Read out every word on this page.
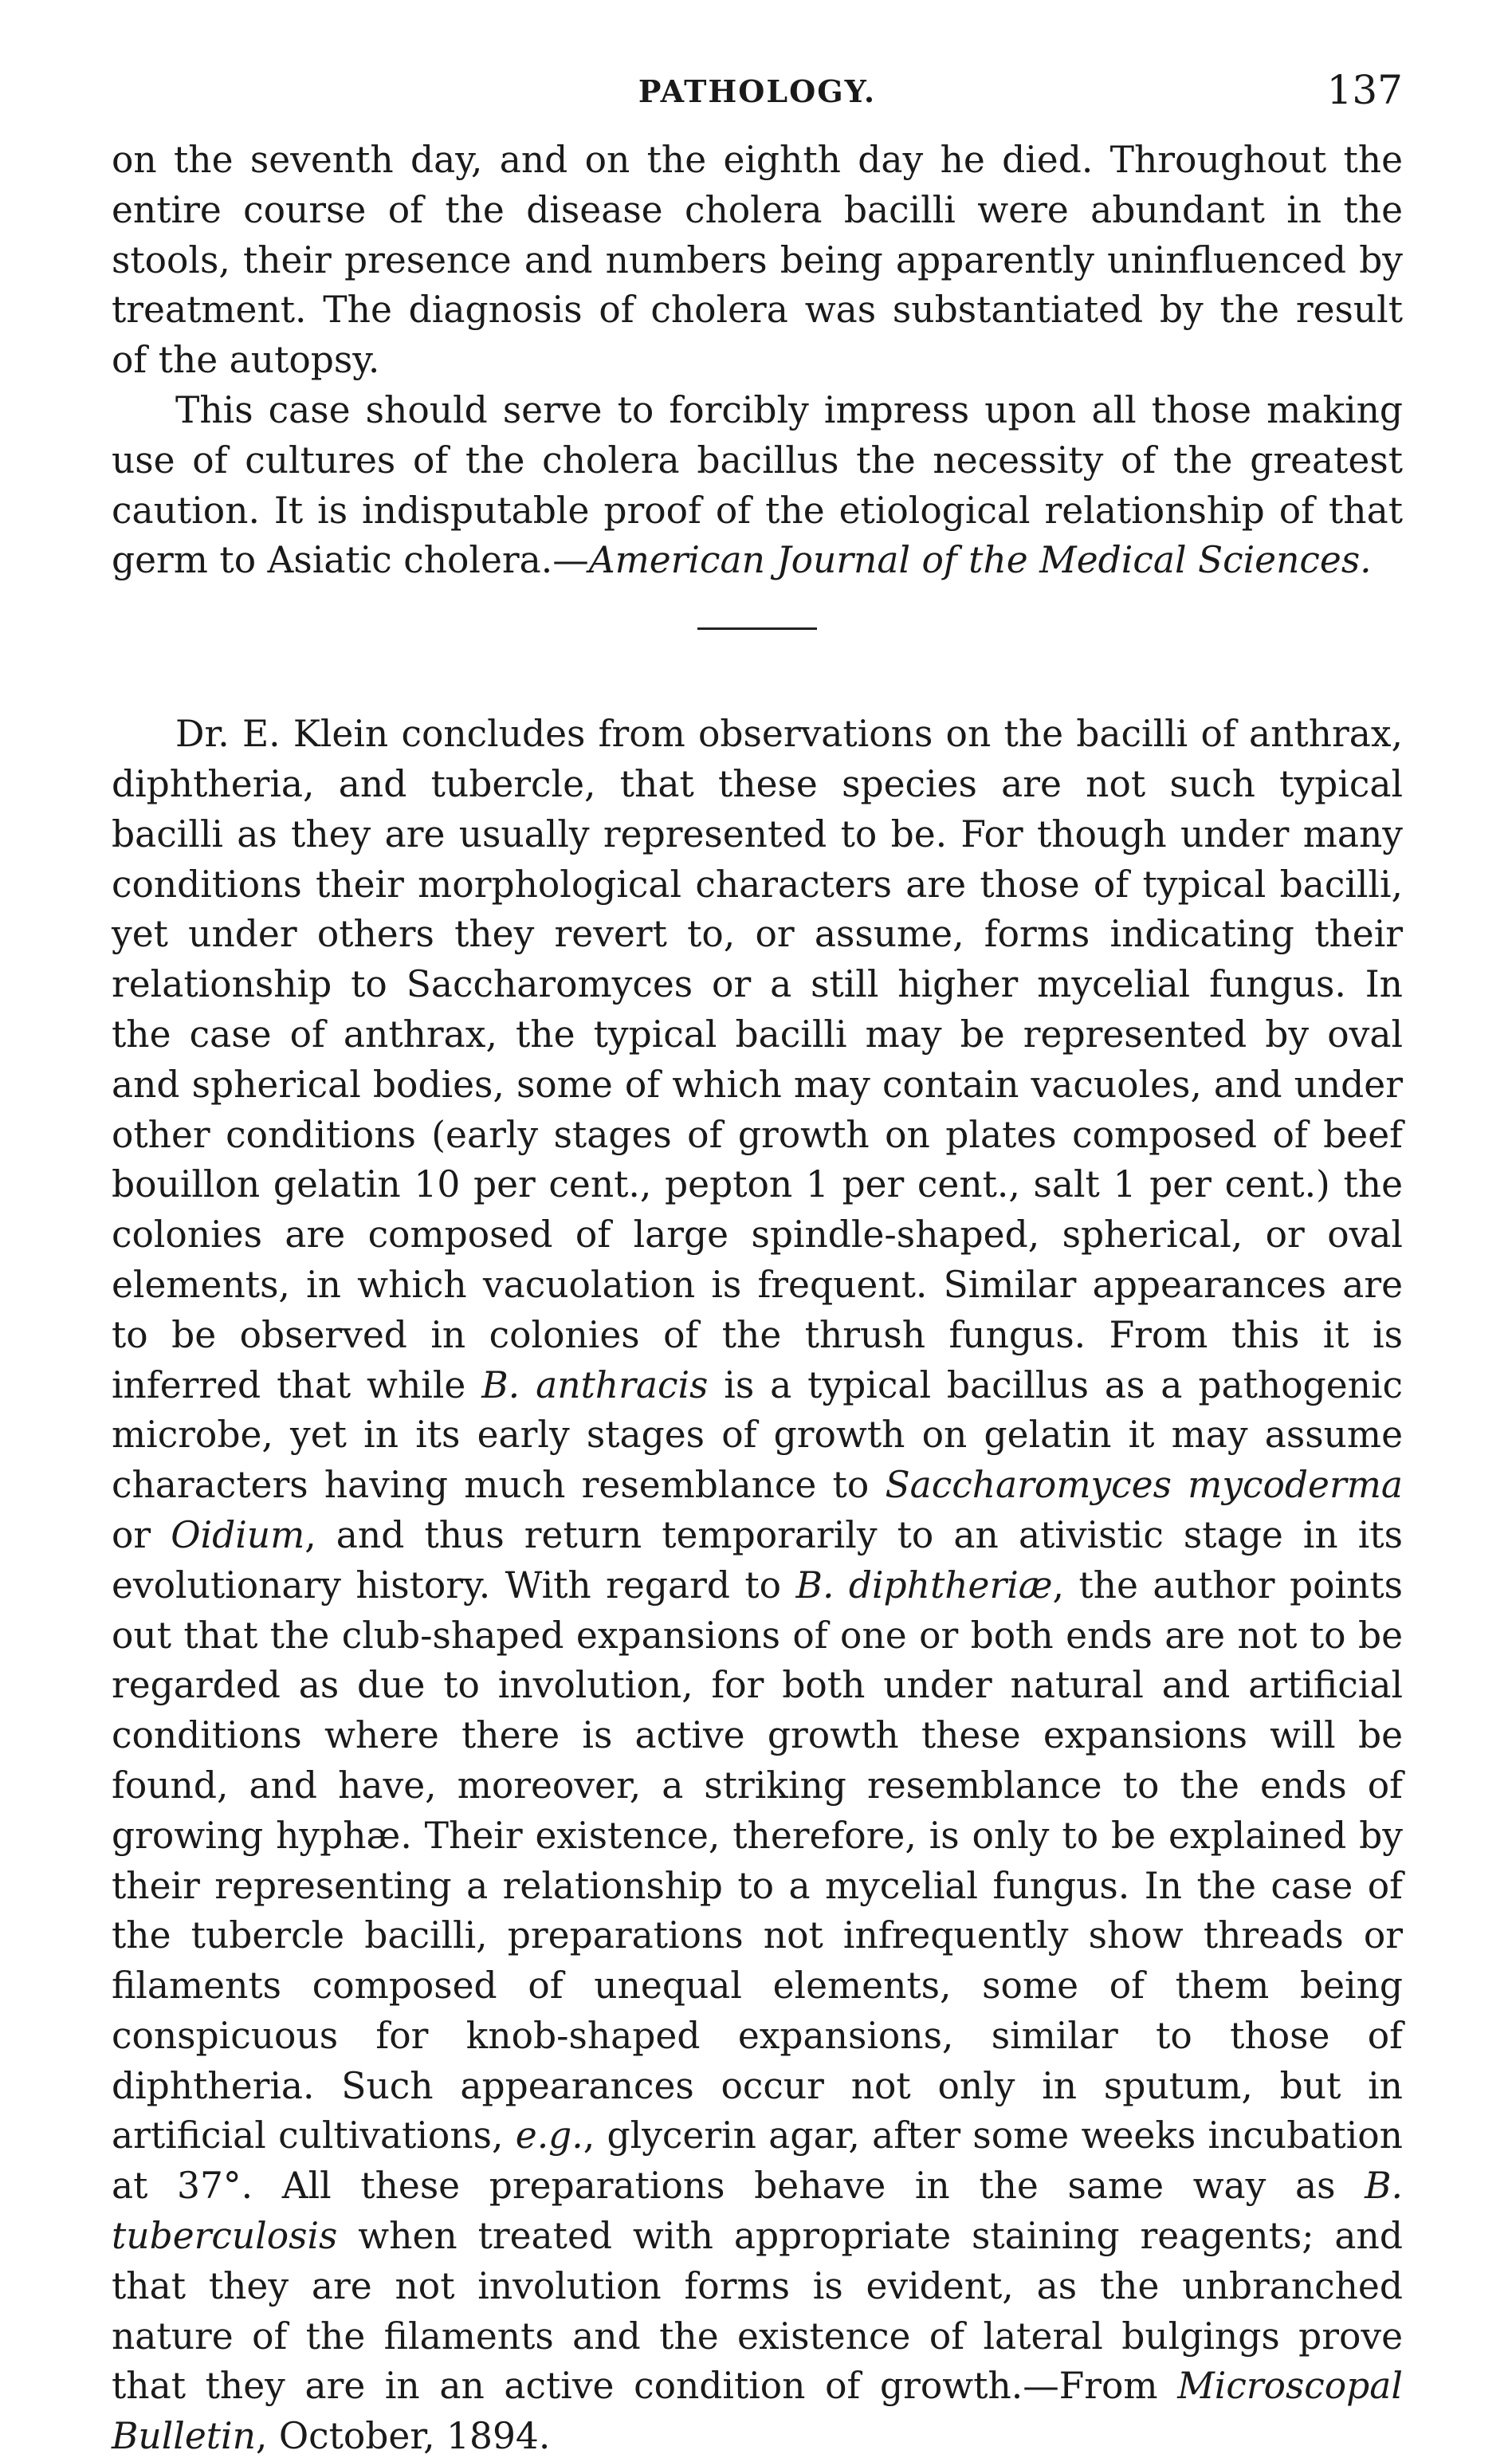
PATHOLOGY.	137

on the seventh day, and on the eighth day he died. Throughout the entire course of the disease cholera bacilli were abundant in the stools, their presence and numbers being apparently uninfluenced by treatment. The diagnosis of cholera was substantiated by the result of the autopsy.

This case should serve to forcibly impress upon all those making use of cultures of the cholera bacillus the necessity of the greatest caution. It is indisputable proof of the etiological relationship of that germ to Asiatic cholera.—American Journal of the Medical Sciences.

Dr. E. Klein concludes from observations on the bacilli of anthrax, diphtheria, and tubercle, that these species are not such typical bacilli as they are usually represented to be. For though under many conditions their morphological characters are those of typical bacilli, yet under others they revert to, or assume, forms indicating their relationship to Saccharomyces or a still higher mycelial fungus. In the case of anthrax, the typical bacilli may be represented by oval and spherical bodies, some of which may contain vacuoles, and under other conditions (early stages of growth on plates composed of beef bouillon gelatin 10 per cent., pepton 1 per cent., salt 1 per cent.) the colonies are composed of large spindle-shaped, spherical, or oval elements, in which vacuolation is frequent. Similar appearances are to be observed in colonies of the thrush fungus. From this it is inferred that while B. anthracis is a typical bacillus as a pathogenic microbe, yet in its early stages of growth on gelatin it may assume characters having much resemblance to Saccharomyces mycoderma or Oidium, and thus return temporarily to an ativistic stage in its evolutionary history. With regard to B. diphtheriæ, the author points out that the club-shaped expansions of one or both ends are not to be regarded as due to involution, for both under natural and artificial conditions where there is active growth these expansions will be found, and have, moreover, a striking resemblance to the ends of growing hyphæ. Their existence, therefore, is only to be explained by their representing a relationship to a mycelial fungus. In the case of the tubercle bacilli, preparations not infrequently show threads or filaments composed of unequal elements, some of them being conspicuous for knob-shaped expansions, similar to those of diphtheria. Such appearances occur not only in sputum, but in artificial cultivations, e.g., glycerin agar, after some weeks incubation at 37°. All these preparations behave in the same way as B. tuberculosis when treated with appropriate staining reagents; and that they are not involution forms is evident, as the unbranched nature of the filaments and the existence of lateral bulgings prove that they are in an active condition of growth.—From Microscopal Bulletin, October, 1894.
